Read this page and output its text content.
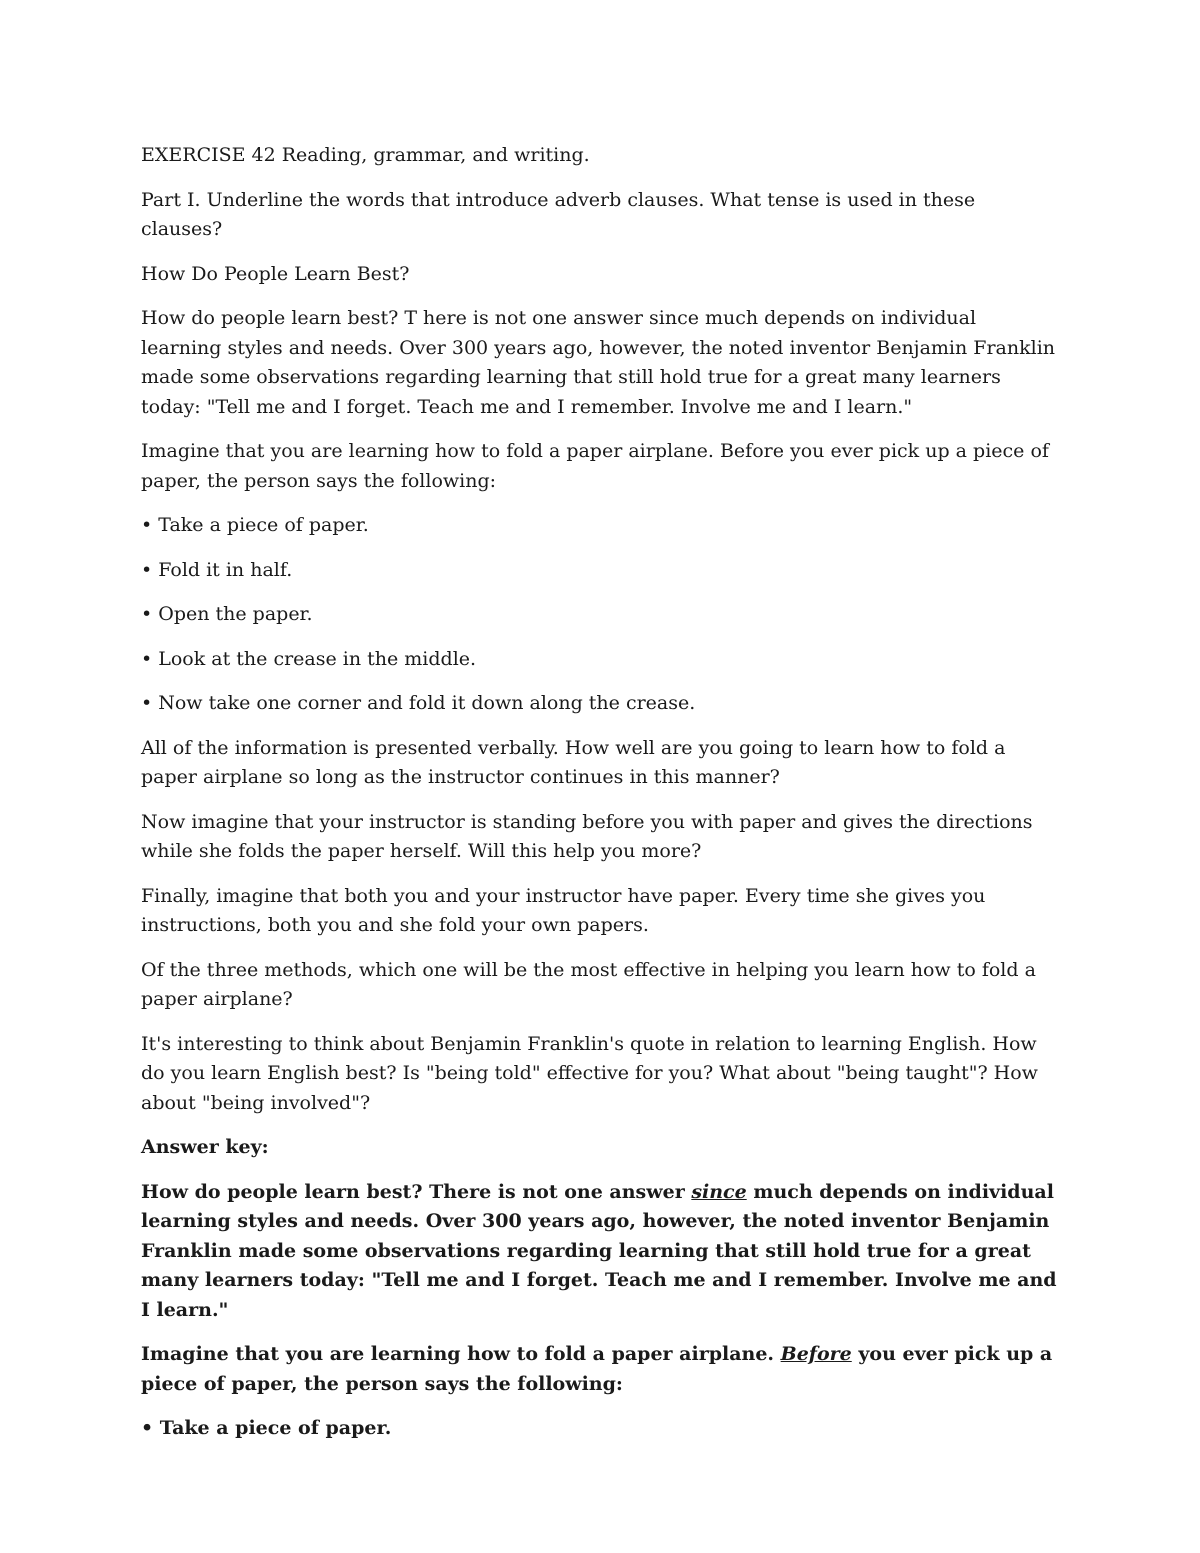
EXERCISE 42 Reading, grammar, and writing.

Part I. Underline the words that introduce adverb clauses. What tense is used in these clauses?

How Do People Learn Best?

How do people learn best? T here is not one answer since much depends on individual learning styles and needs. Over 300 years ago, however, the noted inventor Benjamin Franklin made some observations regarding learning that still hold true for a great many learners today: "Tell me and I forget. Teach me and I remember. Involve me and I learn."

Imagine that you are learning how to fold a paper airplane. Before you ever pick up a piece of paper, the person says the following:

• Take a piece of paper.

• Fold it in half.

• Open the paper.

• Look at the crease in the middle.

• Now take one corner and fold it down along the crease.

All of the information is presented verbally. How well are you going to learn how to fold a paper airplane so long as the instructor continues in this manner?

Now imagine that your instructor is standing before you with paper and gives the directions while she folds the paper herself. Will this help you more?

Finally, imagine that both you and your instructor have paper. Every time she gives you instructions, both you and she fold your own papers.

Of the three methods, which one will be the most effective in helping you learn how to fold a paper airplane?

It's interesting to think about Benjamin Franklin's quote in relation to learning English. How do you learn English best? Is "being told" effective for you? What about "being taught"? How about "being involved"?

Answer key:

How do people learn best? There is not one answer since much depends on individual learning styles and needs. Over 300 years ago, however, the noted inventor Benjamin Franklin made some observations regarding learning that still hold true for a great many learners today: "Tell me and I forget. Teach me and I remember. Involve me and I learn."

Imagine that you are learning how to fold a paper airplane. Before you ever pick up a piece of paper, the person says the following:

• Take a piece of paper.
